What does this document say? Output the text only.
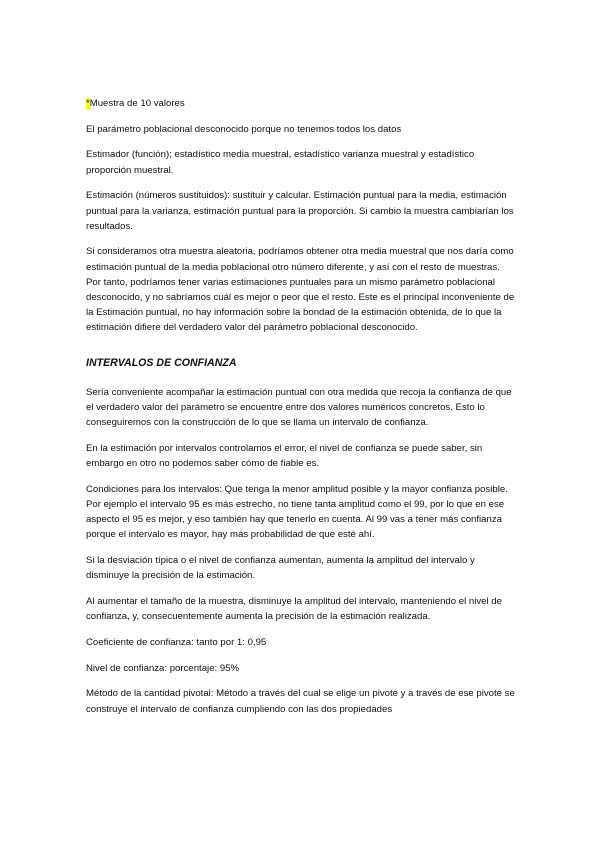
*Muestra de 10 valores

El parámetro poblacional desconocido porque no tenemos todos los datos

Estimador (función); estadístico media muestral, estadístico varianza muestral y estadístico proporción muestral.

Estimación (números sustituidos): sustituir y calcular. Estimación puntual para la media, estimación puntual para la varianza, estimación puntual para la proporción. Si cambio la muestra cambiarían los resultados.

Si consideramos otra muestra aleatoria, podríamos obtener otra media muestral que nos daría como estimación puntual de la media poblacional otro número diferente, y así con el resto de muestras. Por tanto, podríamos tener varias estimaciones puntuales para un mismo parámetro poblacional desconocido, y no sabríamos cuál es mejor o peor que el resto. Este es el principal inconveniente de la Estimación puntual, no hay información sobre la bondad de la estimación obtenida, de lo que la estimación difiere del verdadero valor del parámetro poblacional desconocido.

INTERVALOS DE CONFIANZA

Sería conveniente acompañar la estimación puntual con otra medida que recoja la confianza de que el verdadero valor del parámetro se encuentre entre dos valores numéricos concretos. Esto lo conseguiremos con la construcción de lo que se llama un intervalo de confianza.

En la estimación por intervalos controlamos el error, el nivel de confianza se puede saber, sin embargo en otro no podemos saber cómo de fiable es.

Condiciones para los intervalos: Que tenga la menor amplitud posible y la mayor confianza posible. Por ejemplo el intervalo 95 es más estrecho, no tiene tanta amplitud como el 99, por lo que en ese aspecto el 95 es mejor, y eso también hay que tenerlo en cuenta. Al 99 vas a tener más confianza porque el intervalo es mayor, hay más probabilidad de que esté ahí.

Si la desviación típica o el nivel de confianza aumentan, aumenta la amplitud del intervalo y disminuye la precisión de la estimación.

Al aumentar el tamaño de la muestra, disminuye la amplitud del intervalo, manteniendo el nivel de confianza, y, consecuentemente aumenta la precisión de la estimación realizada.

Coeficiente de confianza: tanto por 1: 0,95

Nivel de confianza: porcentaje: 95%

Método de la cantidad pivotal: Método a través del cual se elige un pivote y a través de ese pivote se construye el intervalo de confianza cumpliendo con las dos propiedades
